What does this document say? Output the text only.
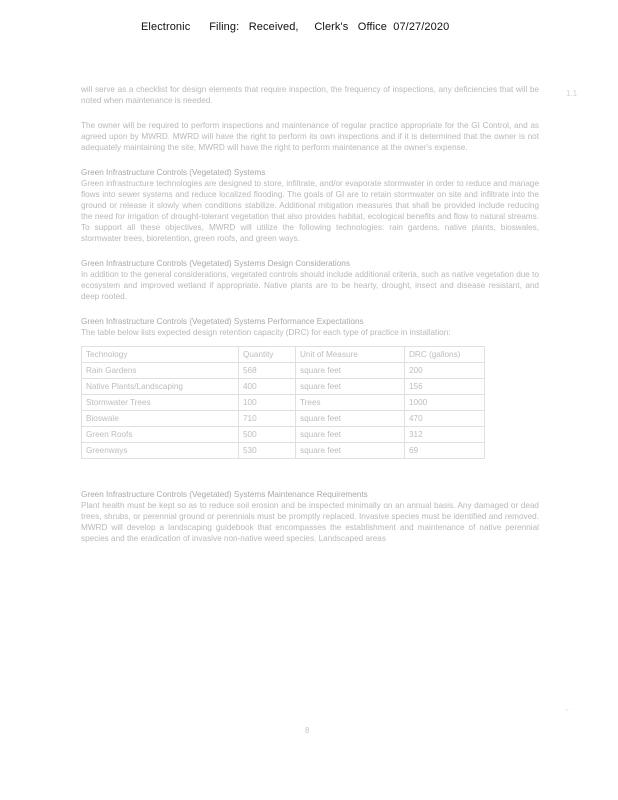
Electronic Filing: Received, Clerk's Office 07/27/2020
1.1
′ ˙

will serve as a checklist for design elements that require inspection, the frequency of inspections, any deficiencies that will be noted when maintenance is needed.

The owner will be required to perform inspections and maintenance of regular practice appropriate for the GI Control, and as agreed upon by MWRD. MWRD will have the right to perform its own inspections and if it is determined that the owner is not adequately maintaining the site, MWRD will have the right to perform maintenance at the owner's expense.

Green Infrastructure Controls (Vegetated) Systems

Green infrastructure technologies are designed to store, infiltrate, and/or evaporate stormwater in order to reduce and manage flows into sewer systems and reduce localized flooding. The goals of GI are to retain stormwater on site and infiltrate into the ground or release it slowly when conditions stabilize. Additional mitigation measures that shall be provided include reducing the need for irrigation of drought-tolerant vegetation that also provides habitat, ecological benefits and flow to natural streams. To support all these objectives, MWRD will utilize the following technologies: rain gardens, native plants, bioswales, stormwater trees, bioretention, green roofs, and green ways.

Green Infrastructure Controls (Vegetated) Systems Design Considerations

In addition to the general considerations, vegetated controls should include additional criteria, such as native vegetation due to ecosystem and improved wetland if appropriate. Native plants are to be hearty, drought, insect and disease resistant, and deep rooted.

Green Infrastructure Controls (Vegetated) Systems Performance Expectations

The table below lists expected design retention capacity (DRC) for each type of practice in installation:

Technology	Quantity	Unit of Measure	DRC (gallons)
Rain Gardens	568	square feet	200
Native Plants/Landscaping	400	square feet	156
Stormwater Trees	100	Trees	1000
Bioswale	710	square feet	470
Green Roofs	500	square feet	312
Greenways	530	square feet	69

Green Infrastructure Controls (Vegetated) Systems Maintenance Requirements

Plant health must be kept so as to reduce soil erosion and be inspected minimally on an annual basis. Any damaged or dead trees, shrubs, or perennial ground or perennials must be promptly replaced. Invasive species must be identified and removed. MWRD will develop a landscaping guidebook that encompasses the establishment and maintenance of native perennial species and the eradication of invasive non-native weed species. Landscaped areas

8
